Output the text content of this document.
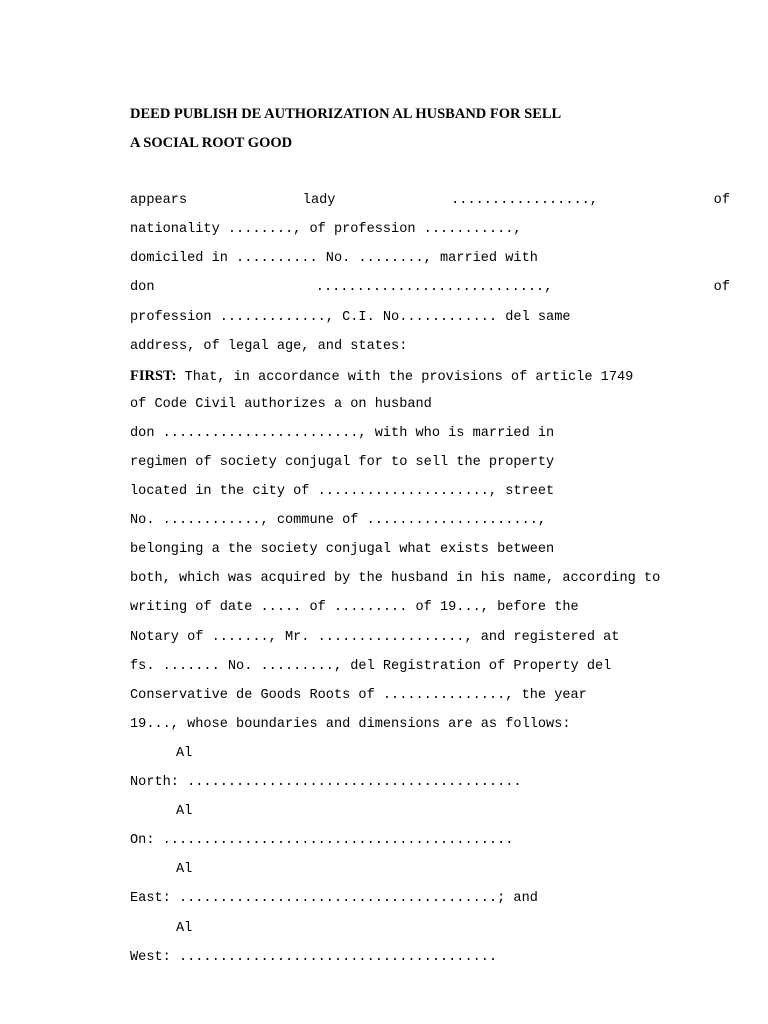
DEED PUBLISH DE AUTHORIZATION AL HUSBAND FOR SELL
A SOCIAL ROOT GOOD
appears	lady	.................,	of
nationality ........, of profession ...........,
domiciled in .......... No. ........, married with
don	............................,	of
profession ............., C.I. No............ del same
address, of legal age, and states:
FIRST: That, in accordance with the provisions of article 1749
of Code Civil authorizes a on husband
don ........................, with who is married in
regimen of society conjugal for to sell the property
located in the city of ....................., street
No. ............, commune of .....................,
belonging a the society conjugal what exists between
both, which was acquired by the husband in his name, according to
writing of date ..... of ......... of 19..., before the
Notary of ......., Mr. .................., and registered at
fs. ....... No. ........., del Registration of Property del
Conservative de Goods Roots of ..............., the year
19..., whose boundaries and dimensions are as follows:
Al
North: .........................................
Al
On: ...........................................
Al
East: .......................................; and
Al
West: .......................................
